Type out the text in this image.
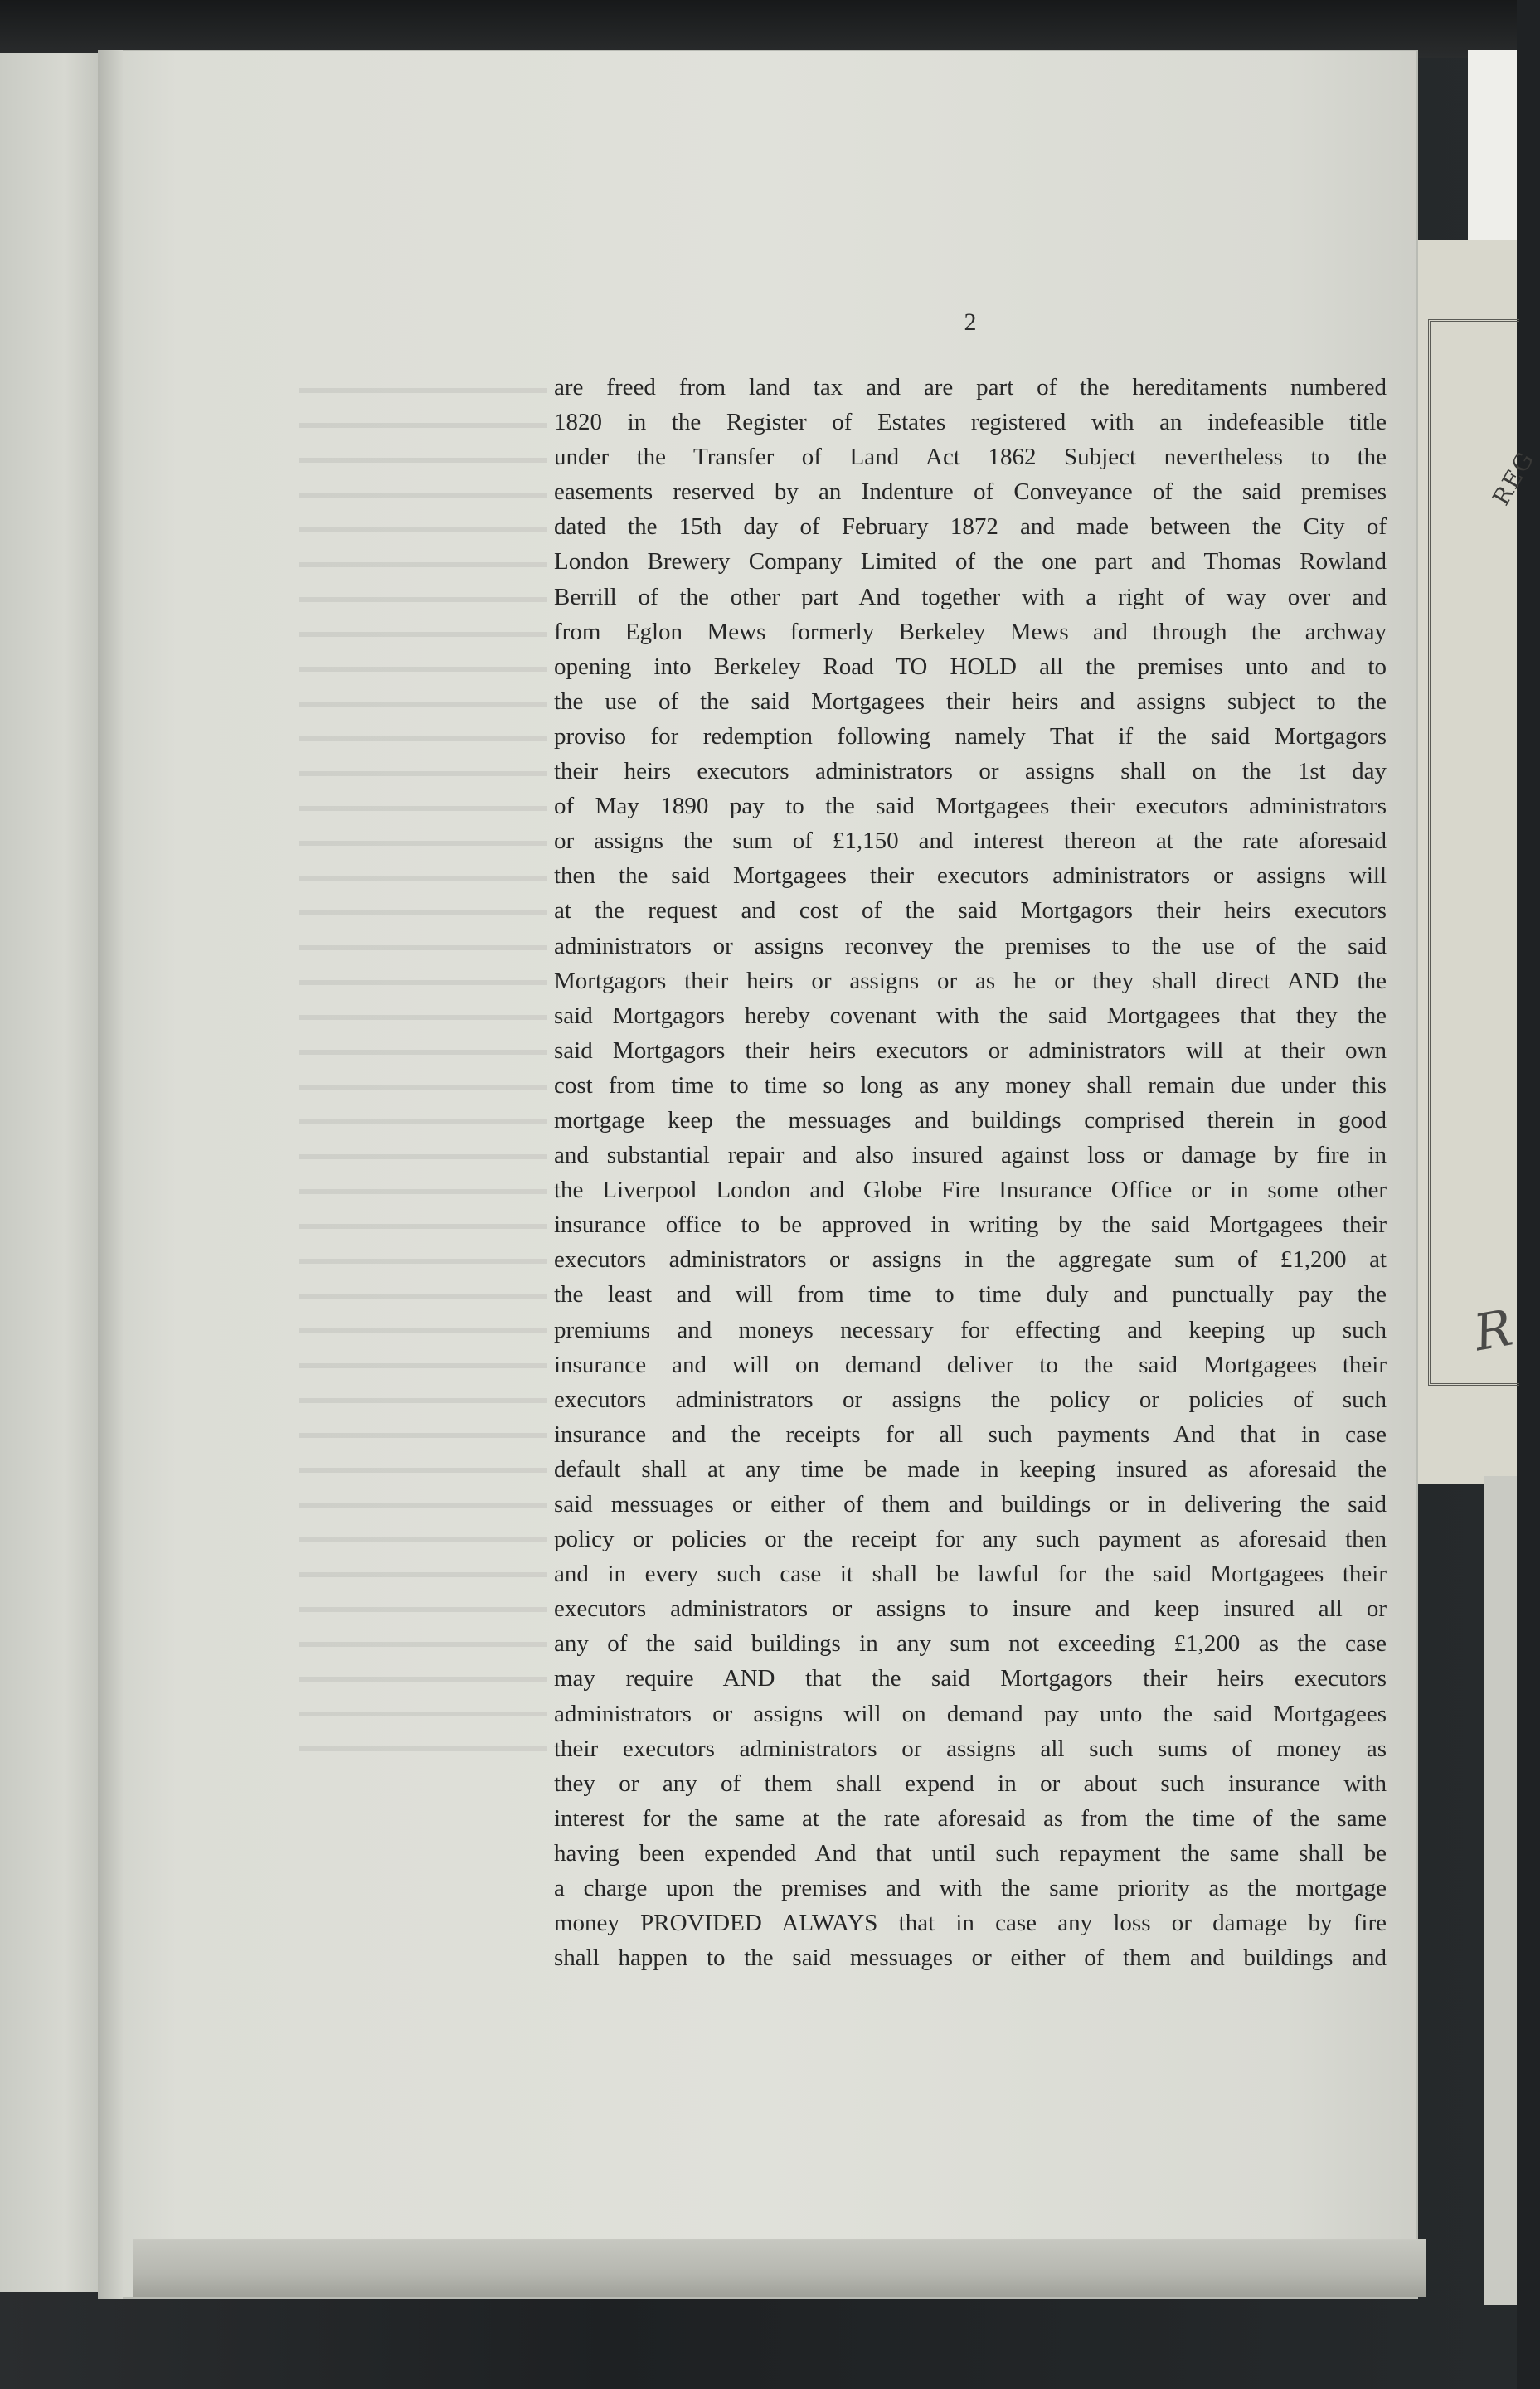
REG
R
2
are freed from land tax and are part of the hereditaments numbered
1820 in the Register of Estates registered with an indefeasible title
under the Transfer of Land Act 1862 Subject nevertheless to the
easements reserved by an Indenture of Conveyance of the said premises
dated the 15th day of February 1872 and made between the City of
London Brewery Company Limited of the one part and Thomas Rowland
Berrill of the other part And together with a right of way over and
from Eglon Mews formerly Berkeley Mews and through the archway
opening into Berkeley Road TO HOLD all the premises unto and to
the use of the said Mortgagees their heirs and assigns subject to the
proviso for redemption following namely That if the said Mortgagors
their heirs executors administrators or assigns shall on the 1st day
of May 1890 pay to the said Mortgagees their executors administrators
or assigns the sum of £1,150 and interest thereon at the rate aforesaid
then the said Mortgagees their executors administrators or assigns will
at the request and cost of the said Mortgagors their heirs executors
administrators or assigns reconvey the premises to the use of the said
Mortgagors their heirs or assigns or as he or they shall direct AND the
said Mortgagors hereby covenant with the said Mortgagees that they the
said Mortgagors their heirs executors or administrators will at their own
cost from time to time so long as any money shall remain due under this
mortgage keep the messuages and buildings comprised therein in good
and substantial repair and also insured against loss or damage by fire in
the Liverpool London and Globe Fire Insurance Office or in some other
insurance office to be approved in writing by the said Mortgagees their
executors administrators or assigns in the aggregate sum of £1,200 at
the least and will from time to time duly and punctually pay the
premiums and moneys necessary for effecting and keeping up such
insurance and will on demand deliver to the said Mortgagees their
executors administrators or assigns the policy or policies of such
insurance and the receipts for all such payments And that in case
default shall at any time be made in keeping insured as aforesaid the
said messuages or either of them and buildings or in delivering the said
policy or policies or the receipt for any such payment as aforesaid then
and in every such case it shall be lawful for the said Mortgagees their
executors administrators or assigns to insure and keep insured all or
any of the said buildings in any sum not exceeding £1,200 as the case
may require AND that the said Mortgagors their heirs executors
administrators or assigns will on demand pay unto the said Mortgagees
their executors administrators or assigns all such sums of money as
they or any of them shall expend in or about such insurance with
interest for the same at the rate aforesaid as from the time of the same
having been expended And that until such repayment the same shall be
a charge upon the premises and with the same priority as the mortgage
money PROVIDED ALWAYS that in case any loss or damage by fire
shall happen to the said messuages or either of them and buildings and
